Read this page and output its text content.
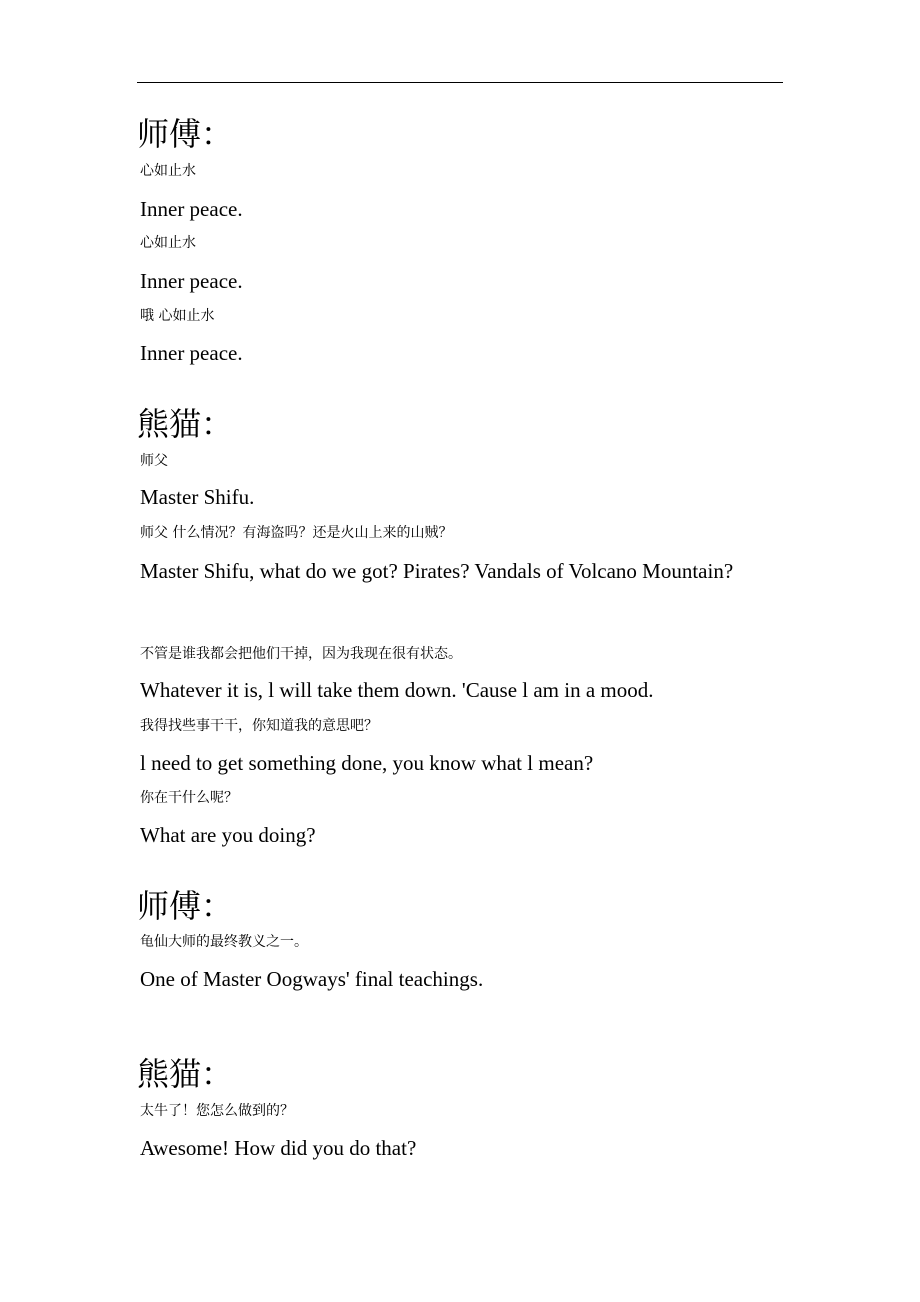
师傅：
心如止水
Inner peace.
心如止水
Inner peace.
哦 心如止水
Inner peace.
熊猫：
师父
Master Shifu.
师父 什么情况？有海盗吗？还是火山上来的山贼？
Master Shifu, what do we got? Pirates? Vandals of Volcano Mountain?
不管是谁我都会把他们干掉，因为我现在很有状态。
Whatever it is, l will take them down. 'Cause l am in a mood.
我得找些事干干，你知道我的意思吧？
l need to get something done, you know what l mean?
你在干什么呢？
What are you doing?
师傅：
龟仙大师的最终教义之一。
One of Master Oogways' final teachings.
熊猫：
太牛了！您怎么做到的？
Awesome! How did you do that?
